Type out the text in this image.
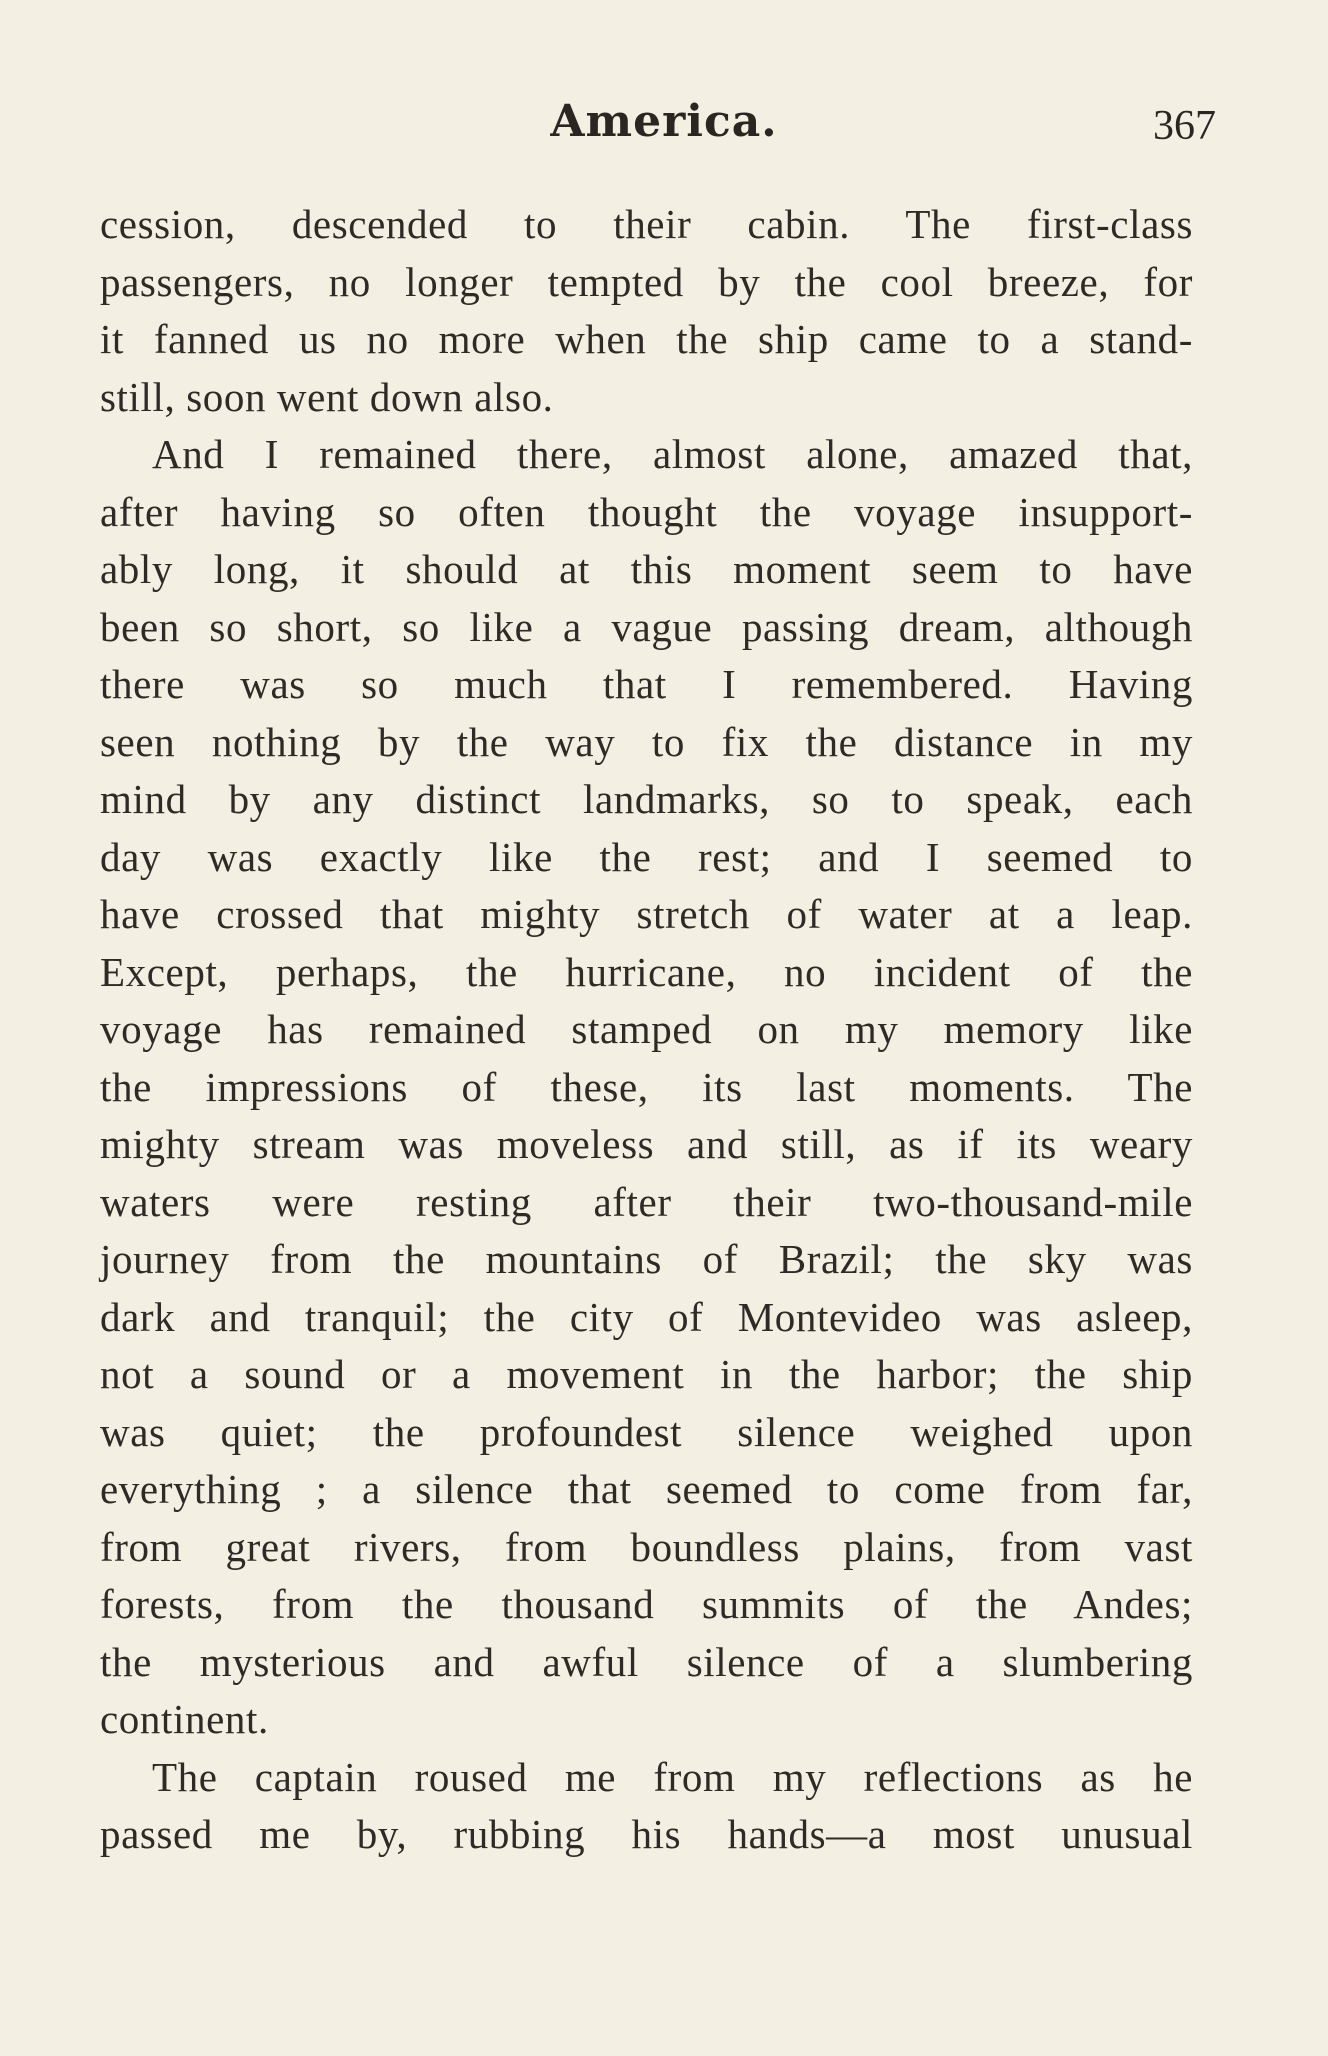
America.	367
cession, descended to their cabin. The first-class
passengers, no longer tempted by the cool breeze, for
it fanned us no more when the ship came to a stand-
still, soon went down also.
And I remained there, almost alone, amazed that,
after having so often thought the voyage insupport-
ably long, it should at this moment seem to have
been so short, so like a vague passing dream, although
there was so much that I remembered. Having
seen nothing by the way to fix the distance in my
mind by any distinct landmarks, so to speak, each
day was exactly like the rest; and I seemed to
have crossed that mighty stretch of water at a leap.
Except, perhaps, the hurricane, no incident of the
voyage has remained stamped on my memory like
the impressions of these, its last moments. The
mighty stream was moveless and still, as if its weary
waters were resting after their two-thousand-mile
journey from the mountains of Brazil; the sky was
dark and tranquil; the city of Montevideo was asleep,
not a sound or a movement in the harbor; the ship
was quiet; the profoundest silence weighed upon
everything ; a silence that seemed to come from far,
from great rivers, from boundless plains, from vast
forests, from the thousand summits of the Andes;
the mysterious and awful silence of a slumbering
continent.
The captain roused me from my reflections as he
passed me by, rubbing his hands—a most unusual
